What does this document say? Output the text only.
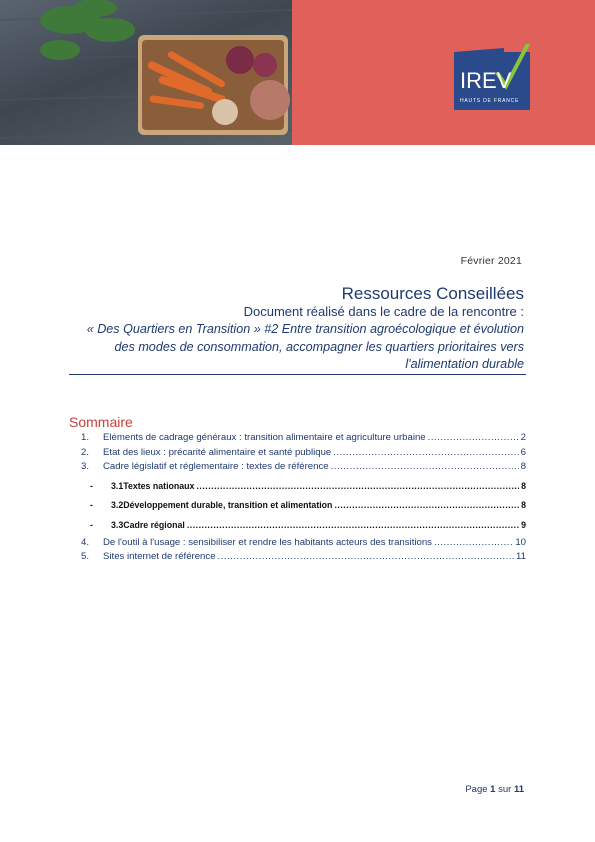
IREV
HAUTS DE FRANCE
Février 2021
Ressources Conseillées
Document réalisé dans le cadre de la rencontre :
« Des Quartiers en Transition » #2 Entre transition agroécologique et évolution
des modes de consommation, accompagner les quartiers prioritaires vers
l'alimentation durable
Sommaire
1.	Eléments de cadrage généraux : transition alimentaire et agriculture urbaine .....	2
2.	Etat des lieux : précarité alimentaire et santé publique .....	6
3.	Cadre législatif et réglementaire : textes de référence .....	8
-	3.1Textes nationaux .....	8
-	3.2Développement durable, transition et alimentation .....	8
-	3.3Cadre régional .....	9
4.	De l'outil à l'usage : sensibiliser et rendre les habitants acteurs des transitions .....	10
5.	Sites internet de référence .....	11
Page 1 sur 11
